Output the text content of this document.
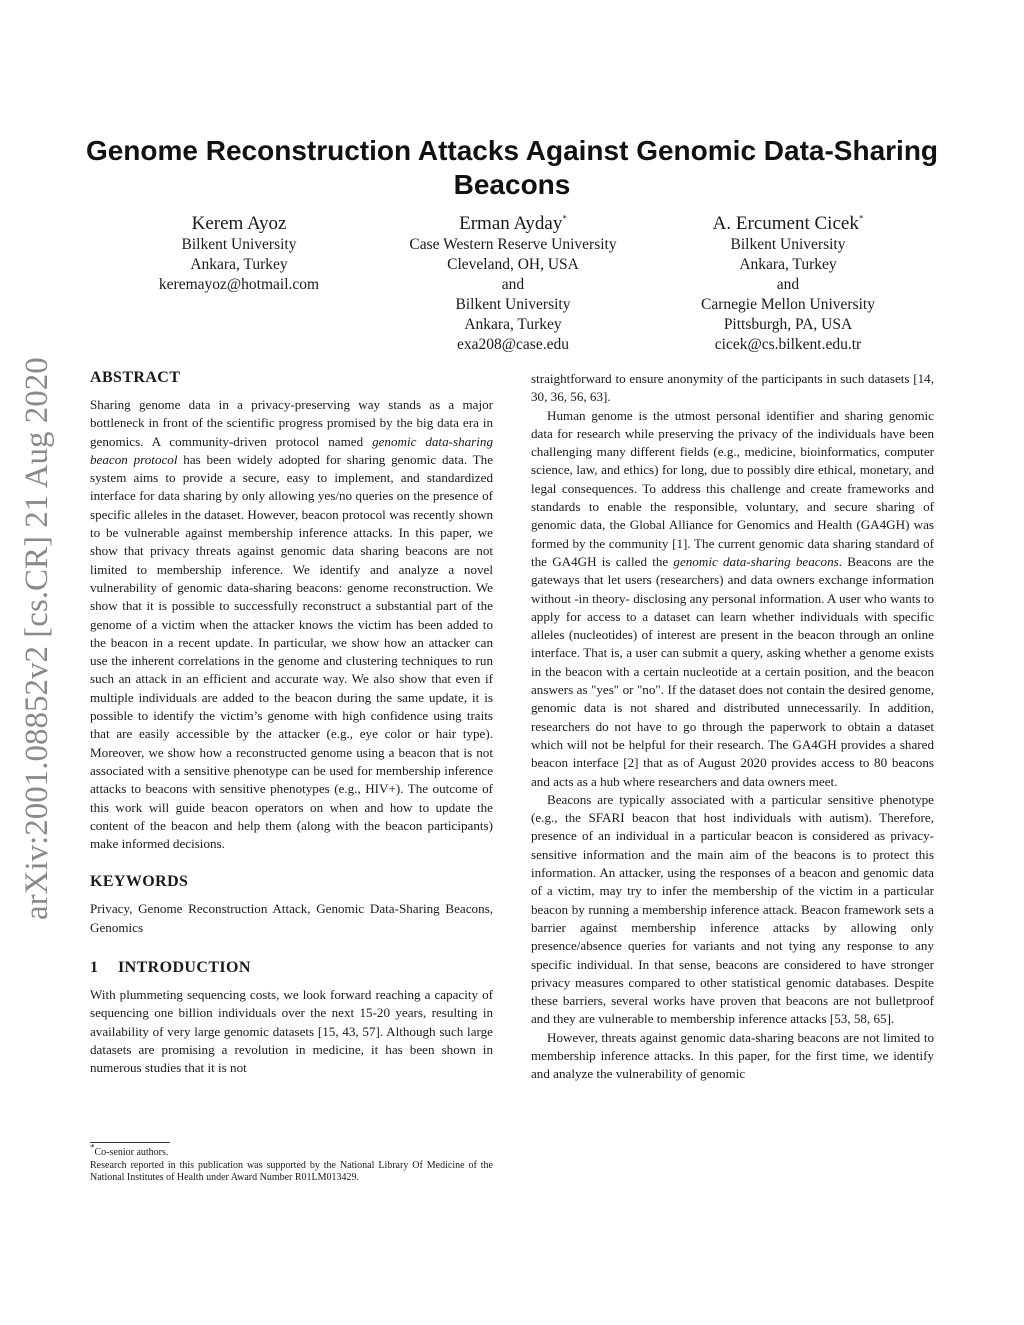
arXiv:2001.08852v2 [cs.CR] 21 Aug 2020
Genome Reconstruction Attacks Against Genomic Data-Sharing Beacons
Kerem Ayoz
Bilkent University
Ankara, Turkey
keremayoz@hotmail.com
Erman Ayday*
Case Western Reserve University
Cleveland, OH, USA
and
Bilkent University
Ankara, Turkey
exa208@case.edu
A. Ercument Cicek*
Bilkent University
Ankara, Turkey
and
Carnegie Mellon University
Pittsburgh, PA, USA
cicek@cs.bilkent.edu.tr
ABSTRACT

Sharing genome data in a privacy-preserving way stands as a major bottleneck in front of the scientific progress promised by the big data era in genomics. A community-driven protocol named genomic data-sharing beacon protocol has been widely adopted for sharing genomic data. The system aims to provide a secure, easy to implement, and standardized interface for data sharing by only allowing yes/no queries on the presence of specific alleles in the dataset. However, beacon protocol was recently shown to be vulnerable against membership inference attacks. In this paper, we show that privacy threats against genomic data sharing beacons are not limited to membership inference. We identify and analyze a novel vulnerability of genomic data-sharing beacons: genome reconstruction. We show that it is possible to successfully reconstruct a substantial part of the genome of a victim when the attacker knows the victim has been added to the beacon in a recent update. In particular, we show how an attacker can use the inherent correlations in the genome and clustering techniques to run such an attack in an efficient and accurate way. We also show that even if multiple individuals are added to the beacon during the same update, it is possible to identify the victim’s genome with high confidence using traits that are easily accessible by the attacker (e.g., eye color or hair type). Moreover, we show how a reconstructed genome using a beacon that is not associated with a sensitive phenotype can be used for membership inference attacks to beacons with sensitive phenotypes (e.g., HIV+). The outcome of this work will guide beacon operators on when and how to update the content of the beacon and help them (along with the beacon participants) make informed decisions.

KEYWORDS

Privacy, Genome Reconstruction Attack, Genomic Data-Sharing Beacons, Genomics

1 INTRODUCTION

With plummeting sequencing costs, we look forward reaching a capacity of sequencing one billion individuals over the next 15-20 years, resulting in availability of very large genomic datasets [15, 43, 57]. Although such large datasets are promising a revolution in medicine, it has been shown in numerous studies that it is not

*Co-senior authors.

Research reported in this publication was supported by the National Library Of Medicine of the National Institutes of Health under Award Number R01LM013429.

straightforward to ensure anonymity of the participants in such datasets [14, 30, 36, 56, 63].

Human genome is the utmost personal identifier and sharing genomic data for research while preserving the privacy of the individuals have been challenging many different fields (e.g., medicine, bioinformatics, computer science, law, and ethics) for long, due to possibly dire ethical, monetary, and legal consequences. To address this challenge and create frameworks and standards to enable the responsible, voluntary, and secure sharing of genomic data, the Global Alliance for Genomics and Health (GA4GH) was formed by the community [1]. The current genomic data sharing standard of the GA4GH is called the genomic data-sharing beacons. Beacons are the gateways that let users (researchers) and data owners exchange information without -in theory- disclosing any personal information. A user who wants to apply for access to a dataset can learn whether individuals with specific alleles (nucleotides) of interest are present in the beacon through an online interface. That is, a user can submit a query, asking whether a genome exists in the beacon with a certain nucleotide at a certain position, and the beacon answers as "yes" or "no". If the dataset does not contain the desired genome, genomic data is not shared and distributed unnecessarily. In addition, researchers do not have to go through the paperwork to obtain a dataset which will not be helpful for their research. The GA4GH provides a shared beacon interface [2] that as of August 2020 provides access to 80 beacons and acts as a hub where researchers and data owners meet.

Beacons are typically associated with a particular sensitive phenotype (e.g., the SFARI beacon that host individuals with autism). Therefore, presence of an individual in a particular beacon is considered as privacy-sensitive information and the main aim of the beacons is to protect this information. An attacker, using the responses of a beacon and genomic data of a victim, may try to infer the membership of the victim in a particular beacon by running a membership inference attack. Beacon framework sets a barrier against membership inference attacks by allowing only presence/absence queries for variants and not tying any response to any specific individual. In that sense, beacons are considered to have stronger privacy measures compared to other statistical genomic databases. Despite these barriers, several works have proven that beacons are not bulletproof and they are vulnerable to membership inference attacks [53, 58, 65].

However, threats against genomic data-sharing beacons are not limited to membership inference attacks. In this paper, for the first time, we identify and analyze the vulnerability of genomic
